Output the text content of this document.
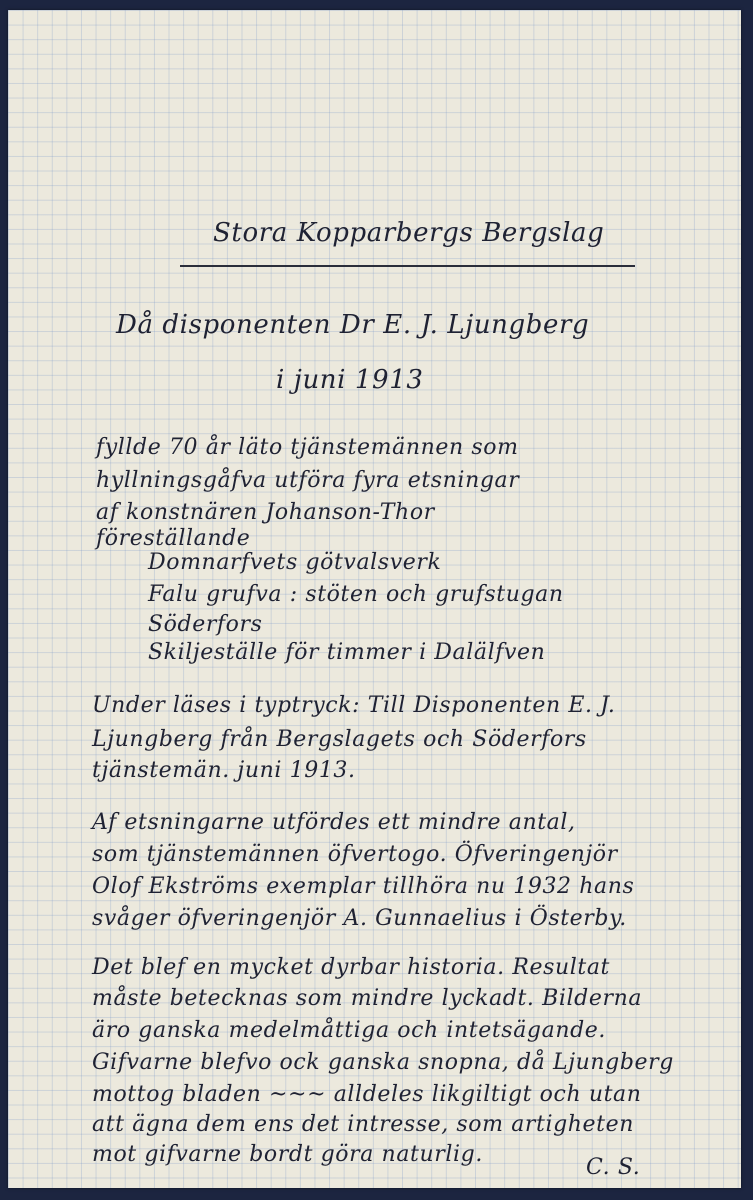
Stora Kopparbergs Bergslag

Då disponenten Dr E. J. Ljungberg

i juni 1913

fyllde 70 år läto tjänstemännen som

hyllningsgåfva utföra fyra etsningar

af konstnären Johanson-Thor

föreställande

Domnarfvets götvalsverk

Falu grufva : stöten och grufstugan

Söderfors

Skiljeställe för timmer i Dalälfven

Under läses i typtryck: Till Disponenten E. J.

Ljungberg från Bergslagets och Söderfors

tjänstemän. juni 1913.

Af etsningarne utfördes ett mindre antal,

som tjänstemännen öfvertogo. Öfveringenjör

Olof Ekströms exemplar tillhöra nu 1932 hans

svåger öfveringenjör A. Gunnaelius i Österby.

Det blef en mycket dyrbar historia. Resultat

måste betecknas som mindre lyckadt. Bilderna

äro ganska medelmåttiga och intetsägande.

Gifvarne blefvo ock ganska snopna, då Ljungberg

mottog bladen ~~~ alldeles likgiltigt och utan

att ägna dem ens det intresse, som artigheten

mot gifvarne bordt göra naturlig.

C. S.
